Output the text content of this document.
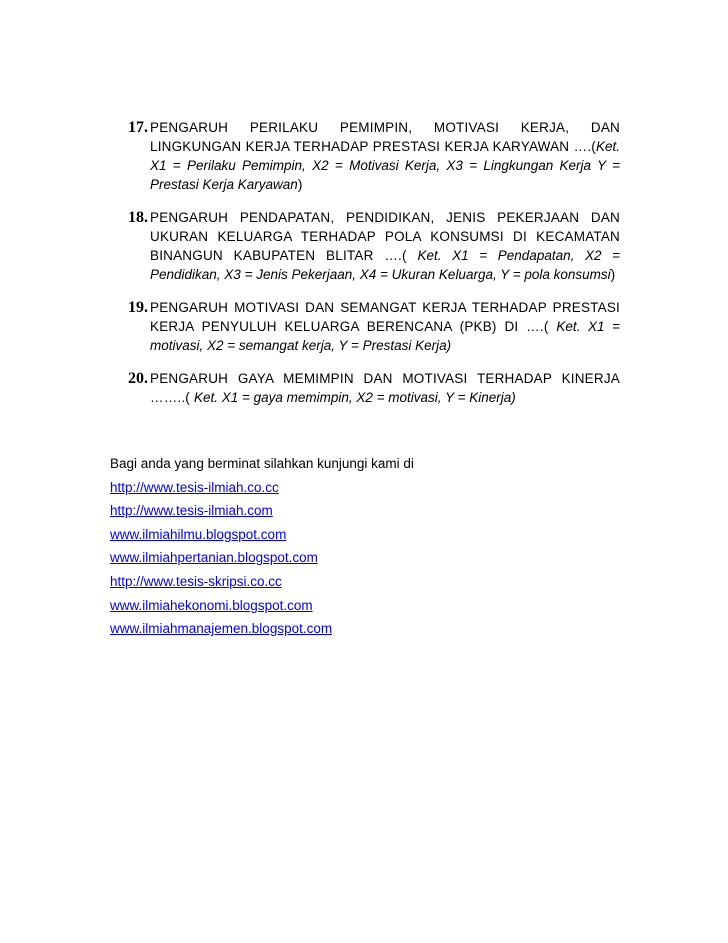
17. PENGARUH PERILAKU PEMIMPIN, MOTIVASI KERJA, DAN LINGKUNGAN KERJA TERHADAP PRESTASI KERJA KARYAWAN ….(Ket. X1 = Perilaku Pemimpin, X2 = Motivasi Kerja, X3 = Lingkungan Kerja Y = Prestasi Kerja Karyawan)
18. PENGARUH PENDAPATAN, PENDIDIKAN, JENIS PEKERJAAN DAN UKURAN KELUARGA TERHADAP POLA KONSUMSI DI KECAMATAN BINANGUN KABUPATEN BLITAR ….( Ket. X1 = Pendapatan, X2 = Pendidikan, X3 = Jenis Pekerjaan, X4 = Ukuran Keluarga, Y = pola konsumsi)
19. PENGARUH MOTIVASI DAN SEMANGAT KERJA TERHADAP PRESTASI KERJA PENYULUH KELUARGA BERENCANA (PKB) DI ….( Ket. X1 = motivasi, X2 = semangat kerja, Y = Prestasi Kerja)
20. PENGARUH GAYA MEMIMPIN DAN MOTIVASI TERHADAP KINERJA ……..( Ket. X1 = gaya memimpin, X2 = motivasi, Y = Kinerja)
Bagi anda yang berminat silahkan kunjungi kami di
http://www.tesis-ilmiah.co.cc
http://www.tesis-ilmiah.com
www.ilmiahilmu.blogspot.com
www.ilmiahpertanian.blogspot.com
http://www.tesis-skripsi.co.cc
www.ilmiahekonomi.blogspot.com
www.ilmiahmanajemen.blogspot.com
